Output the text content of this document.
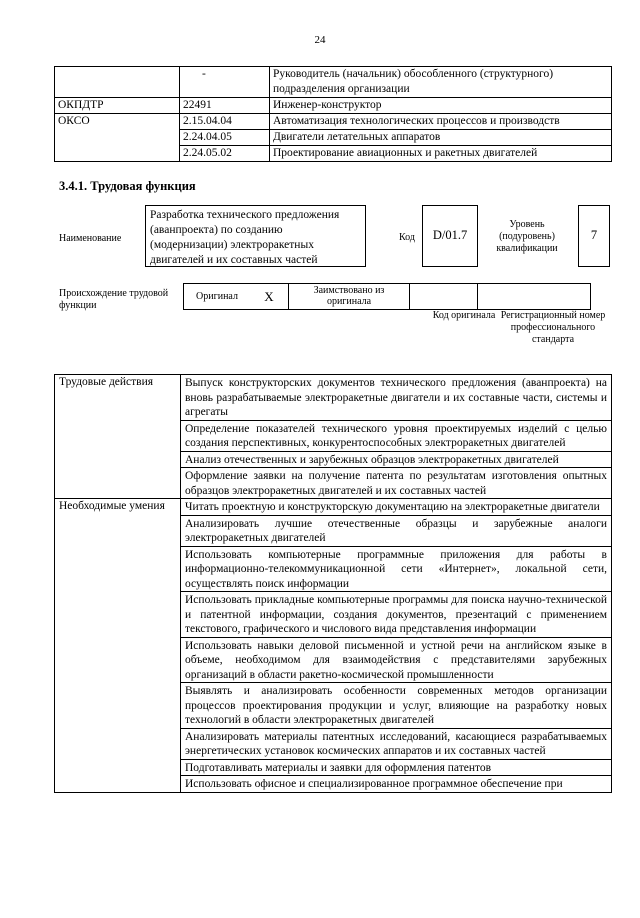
24
	-	Руководитель (начальник) обособленного (структурного) подразделения организации
ОКПДТР	22491	Инженер-конструктор
ОКСО	2.15.04.04	Автоматизация технологических процессов и производств
	2.24.04.05	Двигатели летательных аппаратов
	2.24.05.02	Проектирование авиационных и ракетных двигателей
3.4.1. Трудовая функция
Наименование
Разработка технического предложения (аванпроекта) по созданию (модернизации) электроракетных двигателей и их составных частей
Код	D/01.7
Уровень (подуровень) квалификации
7
Происхождение трудовой функции
Оригинал	X	Заимствовано из оригинала		
Код оригинала Регистрационный номер профессионального стандарта
Трудовые действия	Выпуск конструкторских документов технического предложения (аванпроекта) на вновь разрабатываемые электроракетные двигатели и их составные части, системы и агрегаты
	Определение показателей технического уровня проектируемых изделий с целью создания перспективных, конкурентоспособных электроракетных двигателей
	Анализ отечественных и зарубежных образцов электроракетных двигателей
	Оформление заявки на получение патента по результатам изготовления опытных образцов электроракетных двигателей и их составных частей
Необходимые умения	Читать проектную и конструкторскую документацию на электроракетные двигатели
	Анализировать лучшие отечественные образцы и зарубежные аналоги электроракетных двигателей
	Использовать компьютерные программные приложения для работы в информационно-телекоммуникационной сети «Интернет», локальной сети, осуществлять поиск информации
	Использовать прикладные компьютерные программы для поиска научно-технической и патентной информации, создания документов, презентаций с применением текстового, графического и числового вида представления информации
	Использовать навыки деловой письменной и устной речи на английском языке в объеме, необходимом для взаимодействия с представителями зарубежных организаций в области ракетно-космической промышленности
	Выявлять и анализировать особенности современных методов организации процессов проектирования продукции и услуг, влияющие на разработку новых технологий в области электроракетных двигателей
	Анализировать материалы патентных исследований, касающиеся разрабатываемых энергетических установок космических аппаратов и их составных частей
	Подготавливать материалы и заявки для оформления патентов
	Использовать офисное и специализированное программное обеспечение при
